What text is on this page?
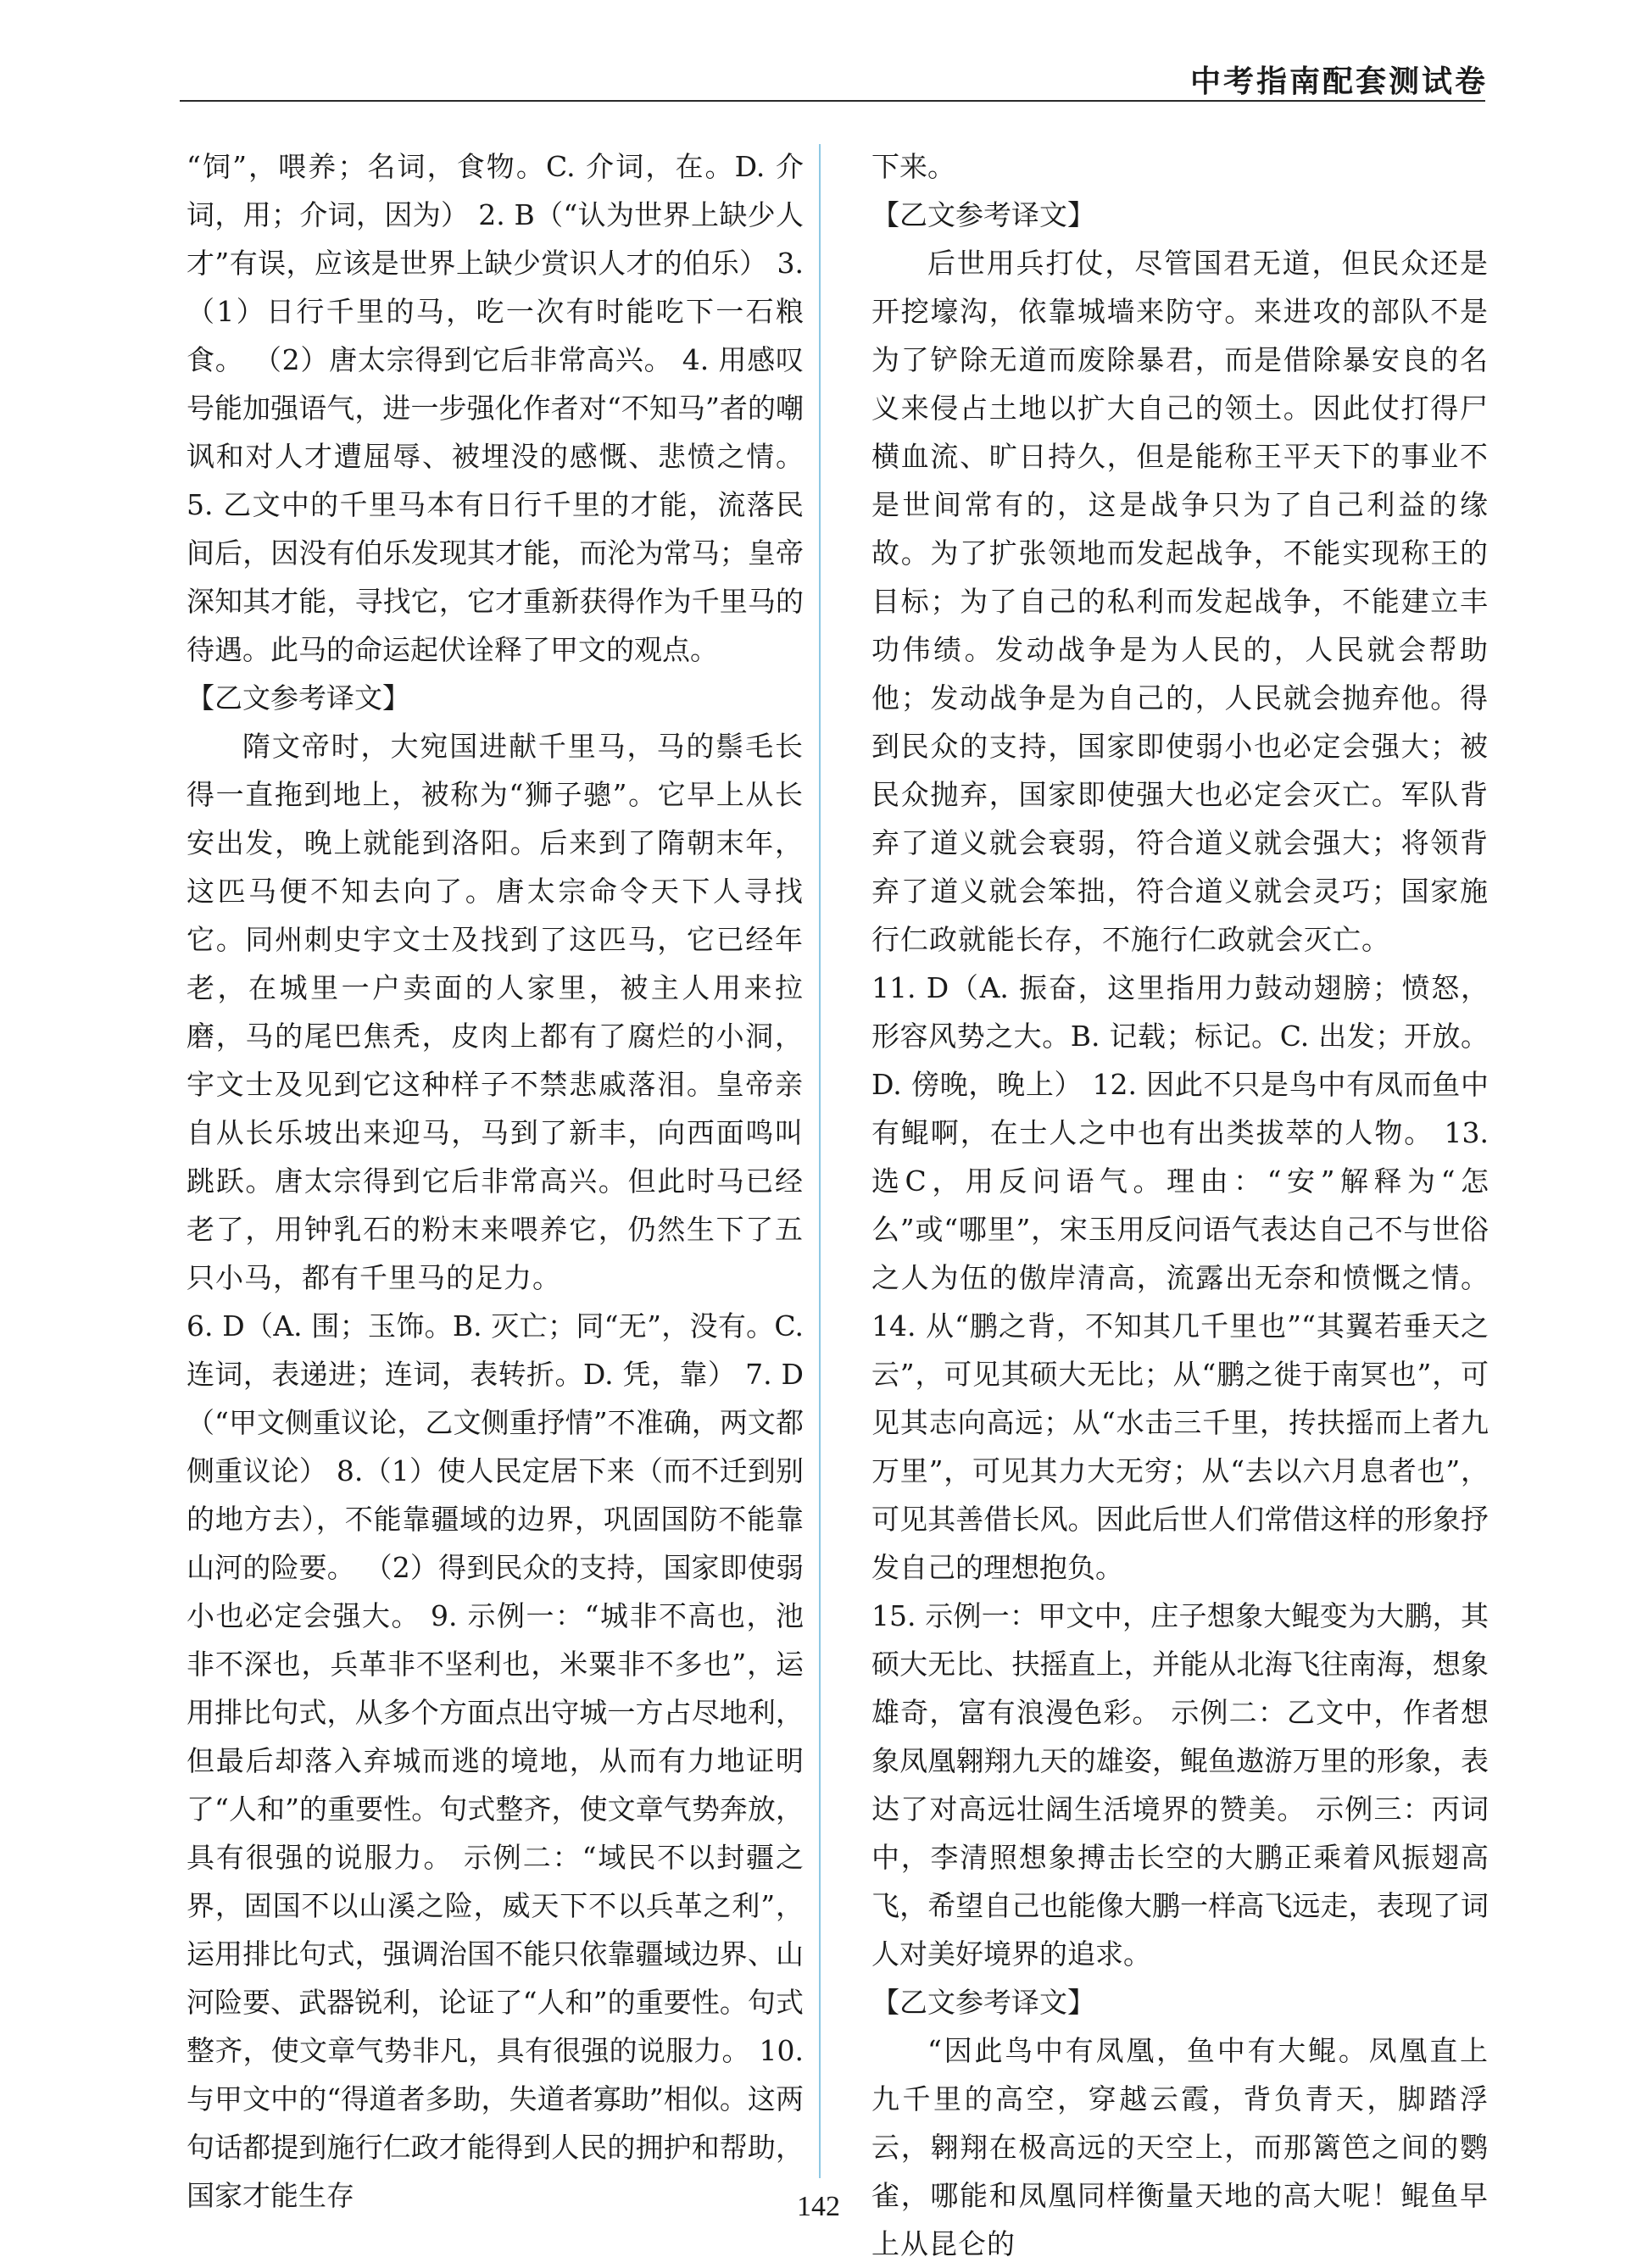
中考指南配套测试卷

“饲”，喂养；名词，食物。C. 介词，在。D. 介词，用；介词，因为） 2. B（“认为世界上缺少人才”有误，应该是世界上缺少赏识人才的伯乐） 3.（1）日行千里的马，吃一次有时能吃下一石粮食。 （2）唐太宗得到它后非常高兴。 4. 用感叹号能加强语气，进一步强化作者对“不知马”者的嘲讽和对人才遭屈辱、被埋没的感慨、悲愤之情。 5. 乙文中的千里马本有日行千里的才能，流落民间后，因没有伯乐发现其才能，而沦为常马；皇帝深知其才能，寻找它，它才重新获得作为千里马的待遇。此马的命运起伏诠释了甲文的观点。

【乙文参考译文】

隋文帝时，大宛国进献千里马，马的鬃毛长得一直拖到地上，被称为“狮子骢”。它早上从长安出发，晚上就能到洛阳。后来到了隋朝末年，这匹马便不知去向了。唐太宗命令天下人寻找它。同州刺史宇文士及找到了这匹马，它已经年老，在城里一户卖面的人家里，被主人用来拉磨，马的尾巴焦秃，皮肉上都有了腐烂的小洞，宇文士及见到它这种样子不禁悲戚落泪。皇帝亲自从长乐坡出来迎马，马到了新丰，向西面鸣叫跳跃。唐太宗得到它后非常高兴。但此时马已经老了，用钟乳石的粉末来喂养它，仍然生下了五只小马，都有千里马的足力。

6. D（A. 围；玉饰。B. 灭亡；同“无”，没有。C. 连词，表递进；连词，表转折。D. 凭，靠） 7. D（“甲文侧重议论，乙文侧重抒情”不准确，两文都侧重议论） 8.（1）使人民定居下来（而不迁到别的地方去），不能靠疆域的边界，巩固国防不能靠山河的险要。 （2）得到民众的支持，国家即使弱小也必定会强大。 9. 示例一：“城非不高也，池非不深也，兵革非不坚利也，米粟非不多也”，运用排比句式，从多个方面点出守城一方占尽地利，但最后却落入弃城而逃的境地，从而有力地证明了“人和”的重要性。句式整齐，使文章气势奔放，具有很强的说服力。 示例二：“域民不以封疆之界，固国不以山溪之险，威天下不以兵革之利”，运用排比句式，强调治国不能只依靠疆域边界、山河险要、武器锐利，论证了“人和”的重要性。句式整齐，使文章气势非凡，具有很强的说服力。 10. 与甲文中的“得道者多助，失道者寡助”相似。这两句话都提到施行仁政才能得到人民的拥护和帮助，国家才能生存

下来。

【乙文参考译文】

后世用兵打仗，尽管国君无道，但民众还是开挖壕沟，依靠城墙来防守。来进攻的部队不是为了铲除无道而废除暴君，而是借除暴安良的名义来侵占土地以扩大自己的领土。因此仗打得尸横血流、旷日持久，但是能称王平天下的事业不是世间常有的，这是战争只为了自己利益的缘故。为了扩张领地而发起战争，不能实现称王的目标；为了自己的私利而发起战争，不能建立丰功伟绩。发动战争是为人民的，人民就会帮助他；发动战争是为自己的，人民就会抛弃他。得到民众的支持，国家即使弱小也必定会强大；被民众抛弃，国家即使强大也必定会灭亡。军队背弃了道义就会衰弱，符合道义就会强大；将领背弃了道义就会笨拙，符合道义就会灵巧；国家施行仁政就能长存，不施行仁政就会灭亡。

11. D（A. 振奋，这里指用力鼓动翅膀；愤怒，形容风势之大。B. 记载；标记。C. 出发；开放。D. 傍晚，晚上） 12. 因此不只是鸟中有凤而鱼中有鲲啊，在士人之中也有出类拔萃的人物。 13. 选C，用反问语气。理由：“安”解释为“怎么”或“哪里”，宋玉用反问语气表达自己不与世俗之人为伍的傲岸清高，流露出无奈和愤慨之情。 14. 从“鹏之背，不知其几千里也”“其翼若垂天之云”，可见其硕大无比；从“鹏之徙于南冥也”，可见其志向高远；从“水击三千里，抟扶摇而上者九万里”，可见其力大无穷；从“去以六月息者也”，可见其善借长风。因此后世人们常借这样的形象抒发自己的理想抱负。

15. 示例一：甲文中，庄子想象大鲲变为大鹏，其硕大无比、扶摇直上，并能从北海飞往南海，想象雄奇，富有浪漫色彩。 示例二：乙文中，作者想象凤凰翱翔九天的雄姿，鲲鱼遨游万里的形象，表达了对高远壮阔生活境界的赞美。 示例三：丙词中，李清照想象搏击长空的大鹏正乘着风振翅高飞，希望自己也能像大鹏一样高飞远走，表现了词人对美好境界的追求。

【乙文参考译文】

“因此鸟中有凤凰，鱼中有大鲲。凤凰直上九千里的高空，穿越云霞，背负青天，脚踏浮云，翱翔在极高远的天空上，而那篱笆之间的鹦雀，哪能和凤凰同样衡量天地的高大呢！鲲鱼早上从昆仑的

142
